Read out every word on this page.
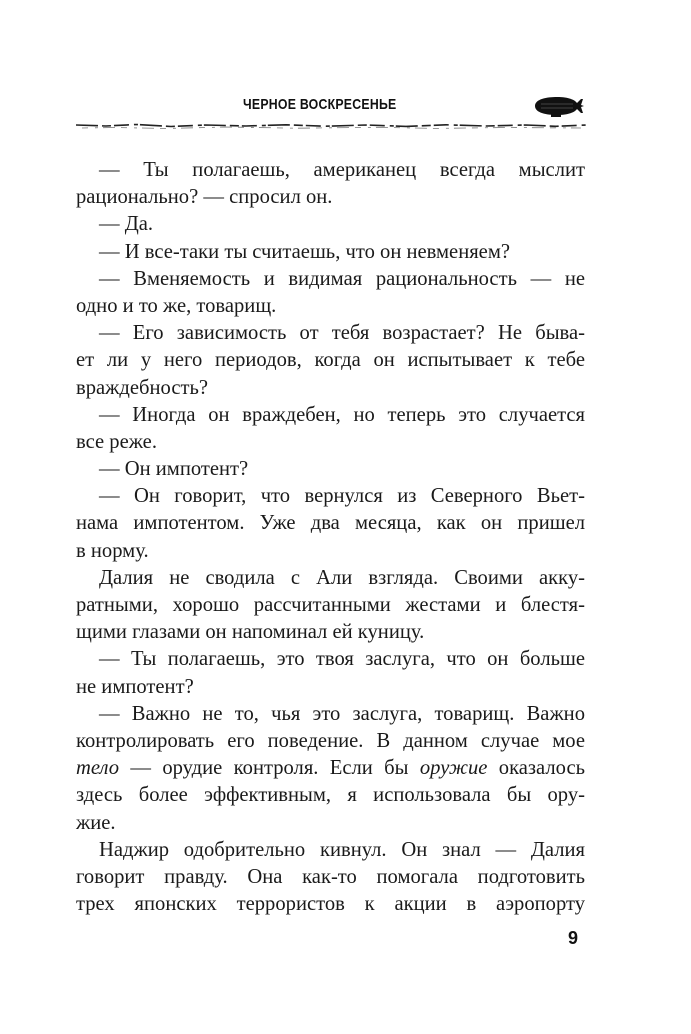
ЧЕРНОЕ ВОСКРЕСЕНЬЕ
— Ты полагаешь, американец всегда мыслит
рационально? — спросил он.
— Да.
— И все-таки ты считаешь, что он невменяем?
— Вменяемость и видимая рациональность — не
одно и то же, товарищ.
— Его зависимость от тебя возрастает? Не быва-
ет ли у него периодов, когда он испытывает к тебе
враждебность?
— Иногда он враждебен, но теперь это случается
все реже.
— Он импотент?
— Он говорит, что вернулся из Северного Вьет-
нама импотентом. Уже два месяца, как он пришел
в норму.
Далия не сводила с Али взгляда. Своими акку-
ратными, хорошо рассчитанными жестами и блестя-
щими глазами он напоминал ей куницу.
— Ты полагаешь, это твоя заслуга, что он больше
не импотент?
— Важно не то, чья это заслуга, товарищ. Важно
контролировать его поведение. В данном случае мое
тело — орудие контроля. Если бы оружие оказалось
здесь более эффективным, я использовала бы ору-
жие.
Наджир одобрительно кивнул. Он знал — Далия
говорит правду. Она как-то помогала подготовить
трех японских террористов к акции в аэропорту
9
